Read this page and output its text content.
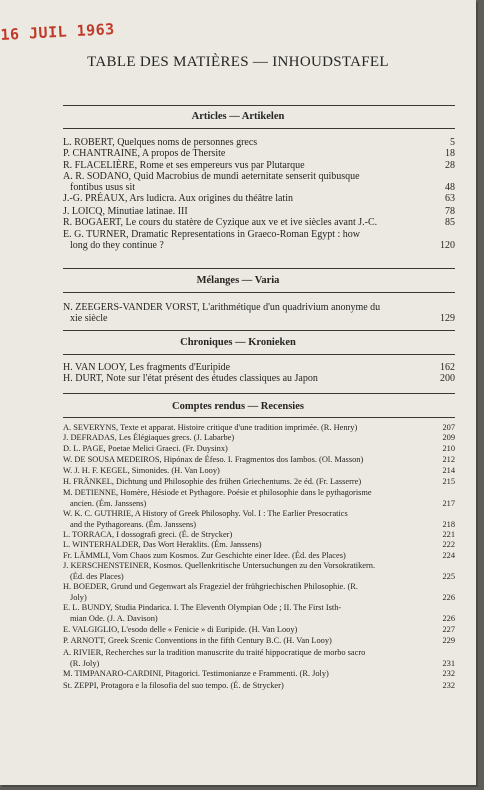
16 JUIL 1963
TABLE DES MATIÈRES — INHOUDSTAFEL
Articles — Artikelen
Mélanges — Varia
Chroniques — Kronieken
Comptes rendus — Recensies
L. ROBERT, Quelques noms de personnes grecs	5
P. CHANTRAINE, A propos de Thersite	18
R. FLACELIÈRE, Rome et ses empereurs vus par Plutarque	28
A. R. SODANO, Quid Macrobius de mundi aeternitate senserit quibusque
fontibus usus sit	48
J.-G. PRÉAUX, Ars ludicra. Aux origines du théâtre latin	63
J. LOICQ, Minutiae latinae. III	78
R. BOGAERT, Le cours du statère de Cyzique aux ve et ive siècles avant J.-C.	85
E. G. TURNER, Dramatic Representations in Graeco-Roman Egypt : how
long do they continue ?	120
N. ZEEGERS-VANDER VORST, L'arithmétique d'un quadrivium anonyme du
xie siècle	129
H. VAN LOOY, Les fragments d'Euripide	162
H. DURT, Note sur l'état présent des études classiques au Japon	200
A. SEVERYNS, Texte et apparat. Histoire critique d'une tradition imprimée. (R. Henry)	207
J. DEFRADAS, Les Élégiaques grecs. (J. Labarbe)	209
D. L. PAGE, Poetae Melici Graeci. (Fr. Duysinx)	210
W. DE SOUSA MEDEIROS, Hipónax de Éfeso. I. Fragmentos dos Iambos. (Ol. Masson)	212
W. J. H. F. KEGEL, Simonides. (H. Van Looy)	214
H. FRÄNKEL, Dichtung und Philosophie des frühen Griechentums. 2e éd. (Fr. Lasserre)	215
M. DETIENNE, Homère, Hésiode et Pythagore. Poésie et philosophie dans le pythagorisme
ancien. (Ém. Janssens)	217
W. K. C. GUTHRIE, A History of Greek Philosophy. Vol. I : The Earlier Presocratics
and the Pythagoreans. (Ém. Janssens)	218
L. TORRACA, I dossografi greci. (É. de Strycker)	221
L. WINTERHALDER, Das Wort Heraklits. (Ém. Janssens)	222
Fr. LÄMMLI, Vom Chaos zum Kosmos. Zur Geschichte einer Idee. (Éd. des Places)	224
J. KERSCHENSTEINER, Kosmos. Quellenkritische Untersuchungen zu den Vorsokratikern.
(Éd. des Places)	225
H. BOEDER, Grund und Gegenwart als Frageziel der frühgriechischen Philosophie. (R.
Joly)	226
E. L. BUNDY, Studia Pindarica. I. The Eleventh Olympian Ode ; II. The First Isth-
mian Ode. (J. A. Davison)	226
E. VALGIGLIO, L'esodo delle « Fenicie » di Euripide. (H. Van Looy)	227
P. ARNOTT, Greek Scenic Conventions in the fifth Century B.C. (H. Van Looy)	229
A. RIVIER, Recherches sur la tradition manuscrite du traité hippocratique de morbo sacro
(R. Joly)	231
M. TIMPANARO-CARDINI, Pitagorici. Testimonianze e Frammenti. (R. Joly)	232
St. ZEPPI, Protagora e la filosofia del suo tempo. (É. de Strycker)	232
